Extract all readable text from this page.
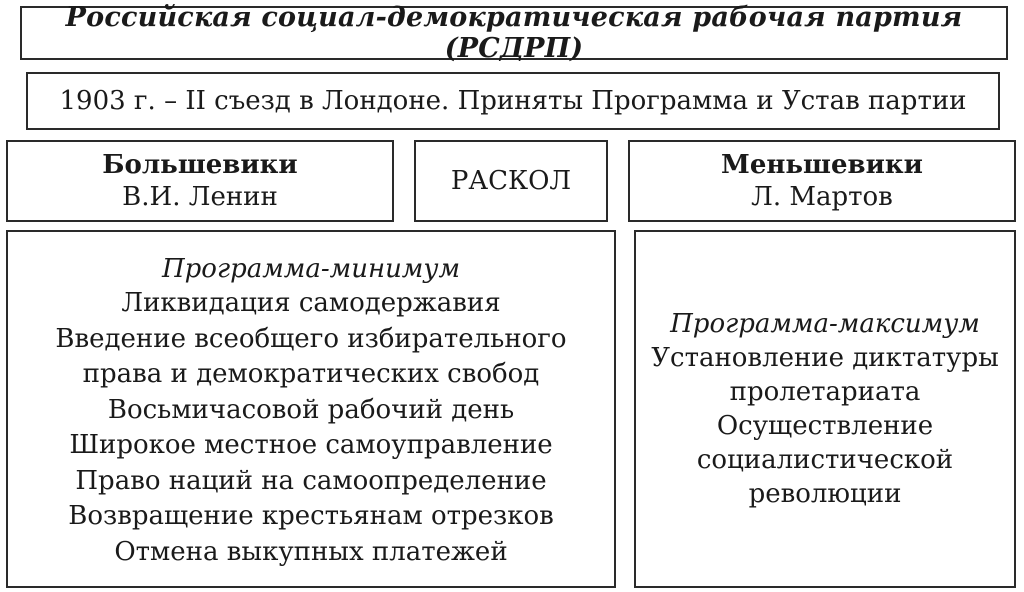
Российская социал-демократическая рабочая партия (РСДРП)
1903 г. – II съезд в Лондоне. Приняты Программа и Устав партии
Большевики
В.И. Ленин
РАСКОЛ
Меньшевики
Л. Мартов
Программа-минимум
Ликвидация самодержавия
Введение всеобщего избирательного
права и демократических свобод
Восьмичасовой рабочий день
Широкое местное самоуправление
Право наций на самоопределение
Возвращение крестьянам отрезков
Отмена выкупных платежей
Программа-максимум
Установление диктатуры
пролетариата
Осуществление
социалистической
революции
